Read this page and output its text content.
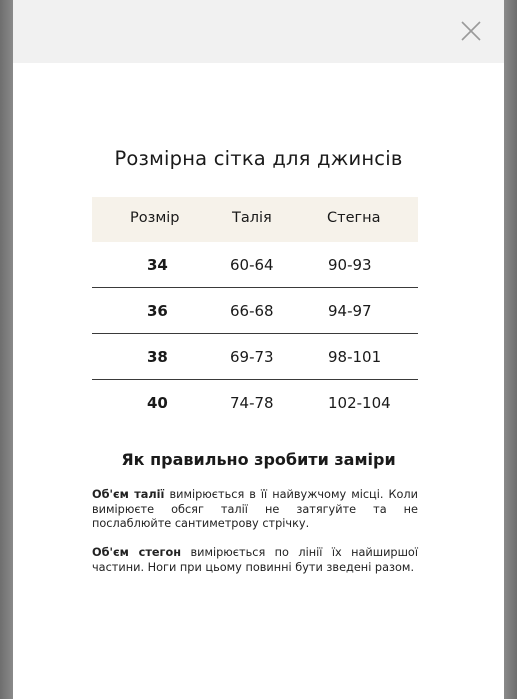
Розмірна сітка для джинсів
Розмір	Талія	Стегна
34	60-64	90-93
36	66-68	94-97
38	69-73	98-101
40	74-78	102-104
Як правильно зробити заміри
Об'єм талії вимірюється в її найвужчому місці. Коли вимірюєте обсяг талії не затягуйте та не послаблюйте сантиметрову стрічку.
Об'єм стегон вимірюється по лінії їх найширшої частини. Ноги при цьому повинні бути зведені разом.
